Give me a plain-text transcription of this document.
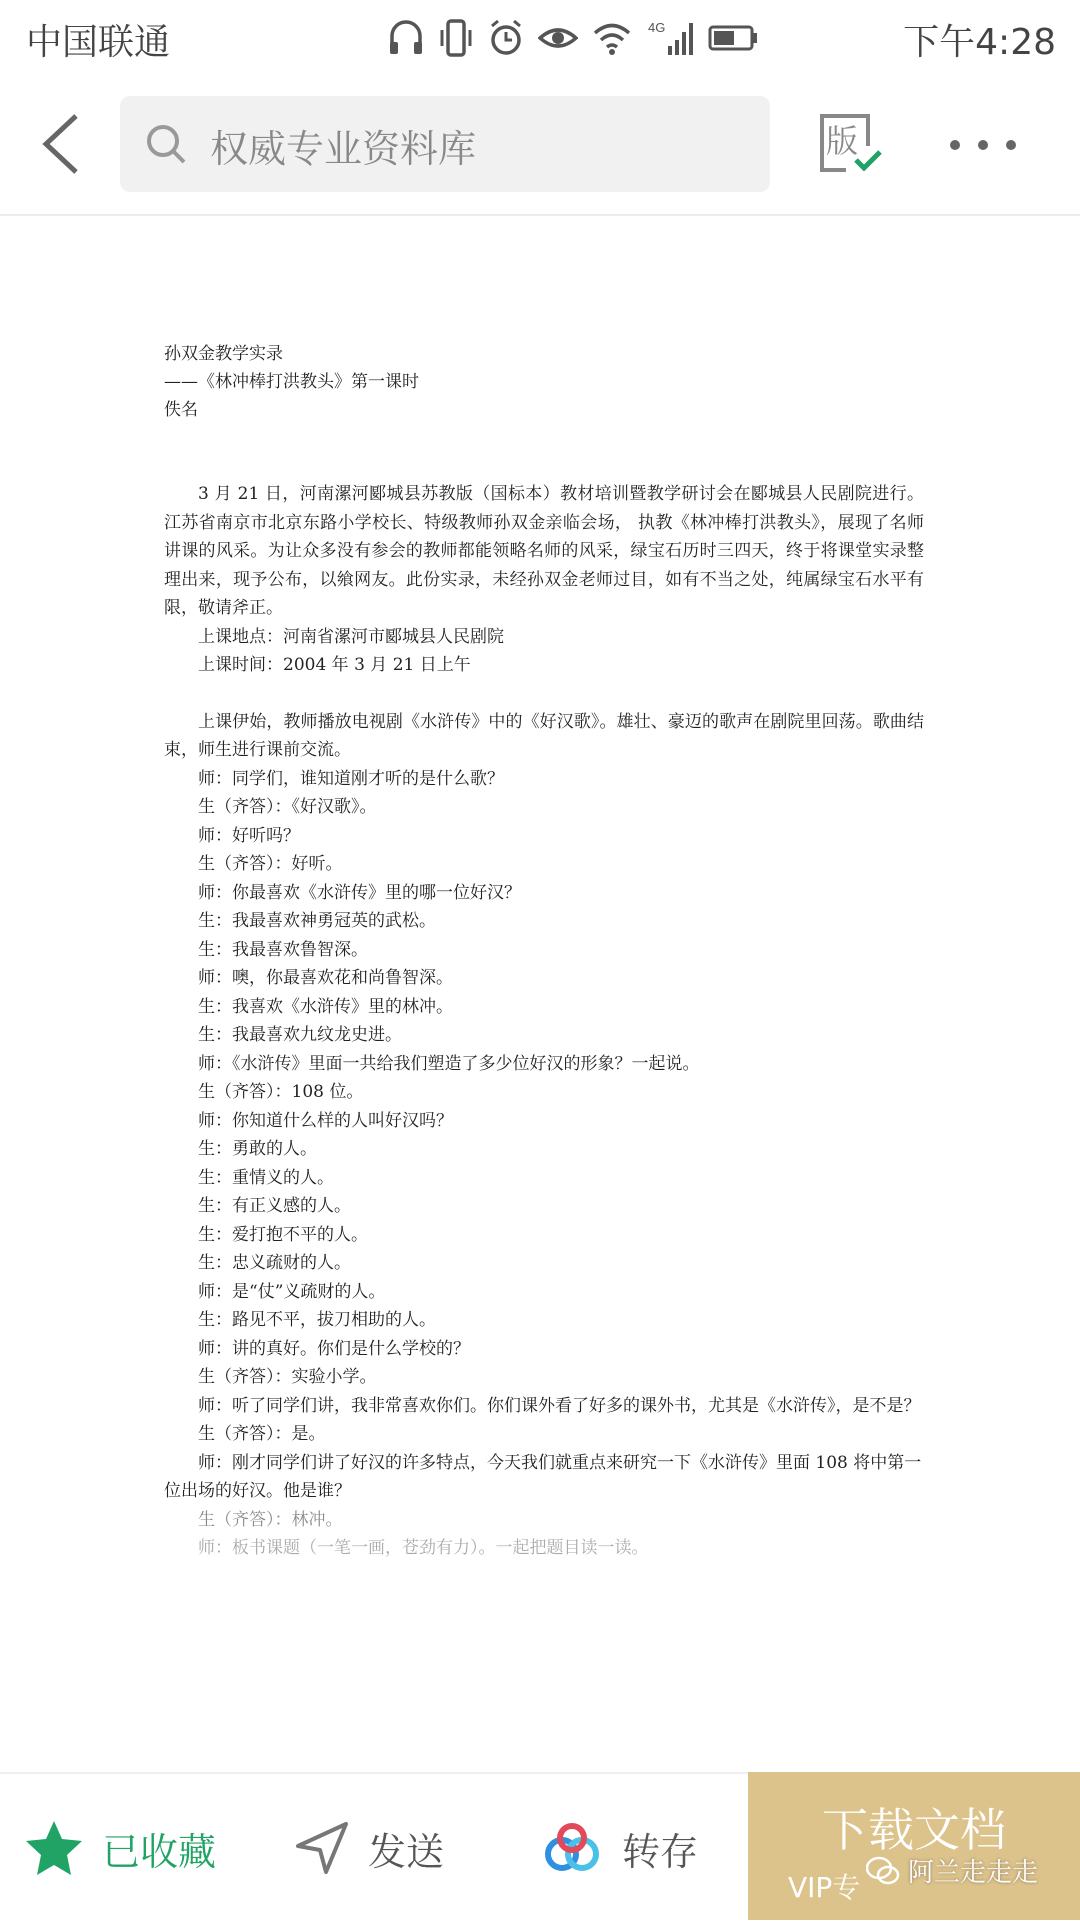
中国联通	4G	下午4:28
权威专业资料库	版
孙双金教学实录
——《林冲棒打洪教头》第一课时
佚名
3 月 21 日，河南漯河郾城县苏教版（国标本）教材培训暨教学研讨会在郾城县人民剧院进行。江苏省南京市北京东路小学校长、特级教师孙双金亲临会场， 执教《林冲棒打洪教头》，展现了名师讲课的风采。为让众多没有参会的教师都能领略名师的风采，绿宝石历时三四天，终于将课堂实录整理出来，现予公布，以飨网友。此份实录，未经孙双金老师过目，如有不当之处，纯属绿宝石水平有限，敬请斧正。
上课地点：河南省漯河市郾城县人民剧院
上课时间：2004 年 3 月 21 日上午
上课伊始，教师播放电视剧《水浒传》中的《好汉歌》。雄壮、豪迈的歌声在剧院里回荡。歌曲结束，师生进行课前交流。
师：同学们，谁知道刚才听的是什么歌？
生（齐答）：《好汉歌》。
师：好听吗？
生（齐答）：好听。
师：你最喜欢《水浒传》里的哪一位好汉？
生：我最喜欢神勇冠英的武松。
生：我最喜欢鲁智深。
师：噢，你最喜欢花和尚鲁智深。
生：我喜欢《水浒传》里的林冲。
生：我最喜欢九纹龙史进。
师：《水浒传》里面一共给我们塑造了多少位好汉的形象？一起说。
生（齐答）：108 位。
师：你知道什么样的人叫好汉吗？
生：勇敢的人。
生：重情义的人。
生：有正义感的人。
生：爱打抱不平的人。
生：忠义疏财的人。
师：是“仗”义疏财的人。
生：路见不平，拔刀相助的人。
师：讲的真好。你们是什么学校的？
生（齐答）：实验小学。
师：听了同学们讲，我非常喜欢你们。你们课外看了好多的课外书，尤其是《水浒传》，是不是？
生（齐答）：是。
师：刚才同学们讲了好汉的许多特点，今天我们就重点来研究一下《水浒传》里面 108 将中第一位出场的好汉。他是谁？
生（齐答）：林冲。
师：板书课题（一笔一画，苍劲有力）。一起把题目读一读。
已收藏	发送	转存	下载文档
VIP专 阿兰走走走
